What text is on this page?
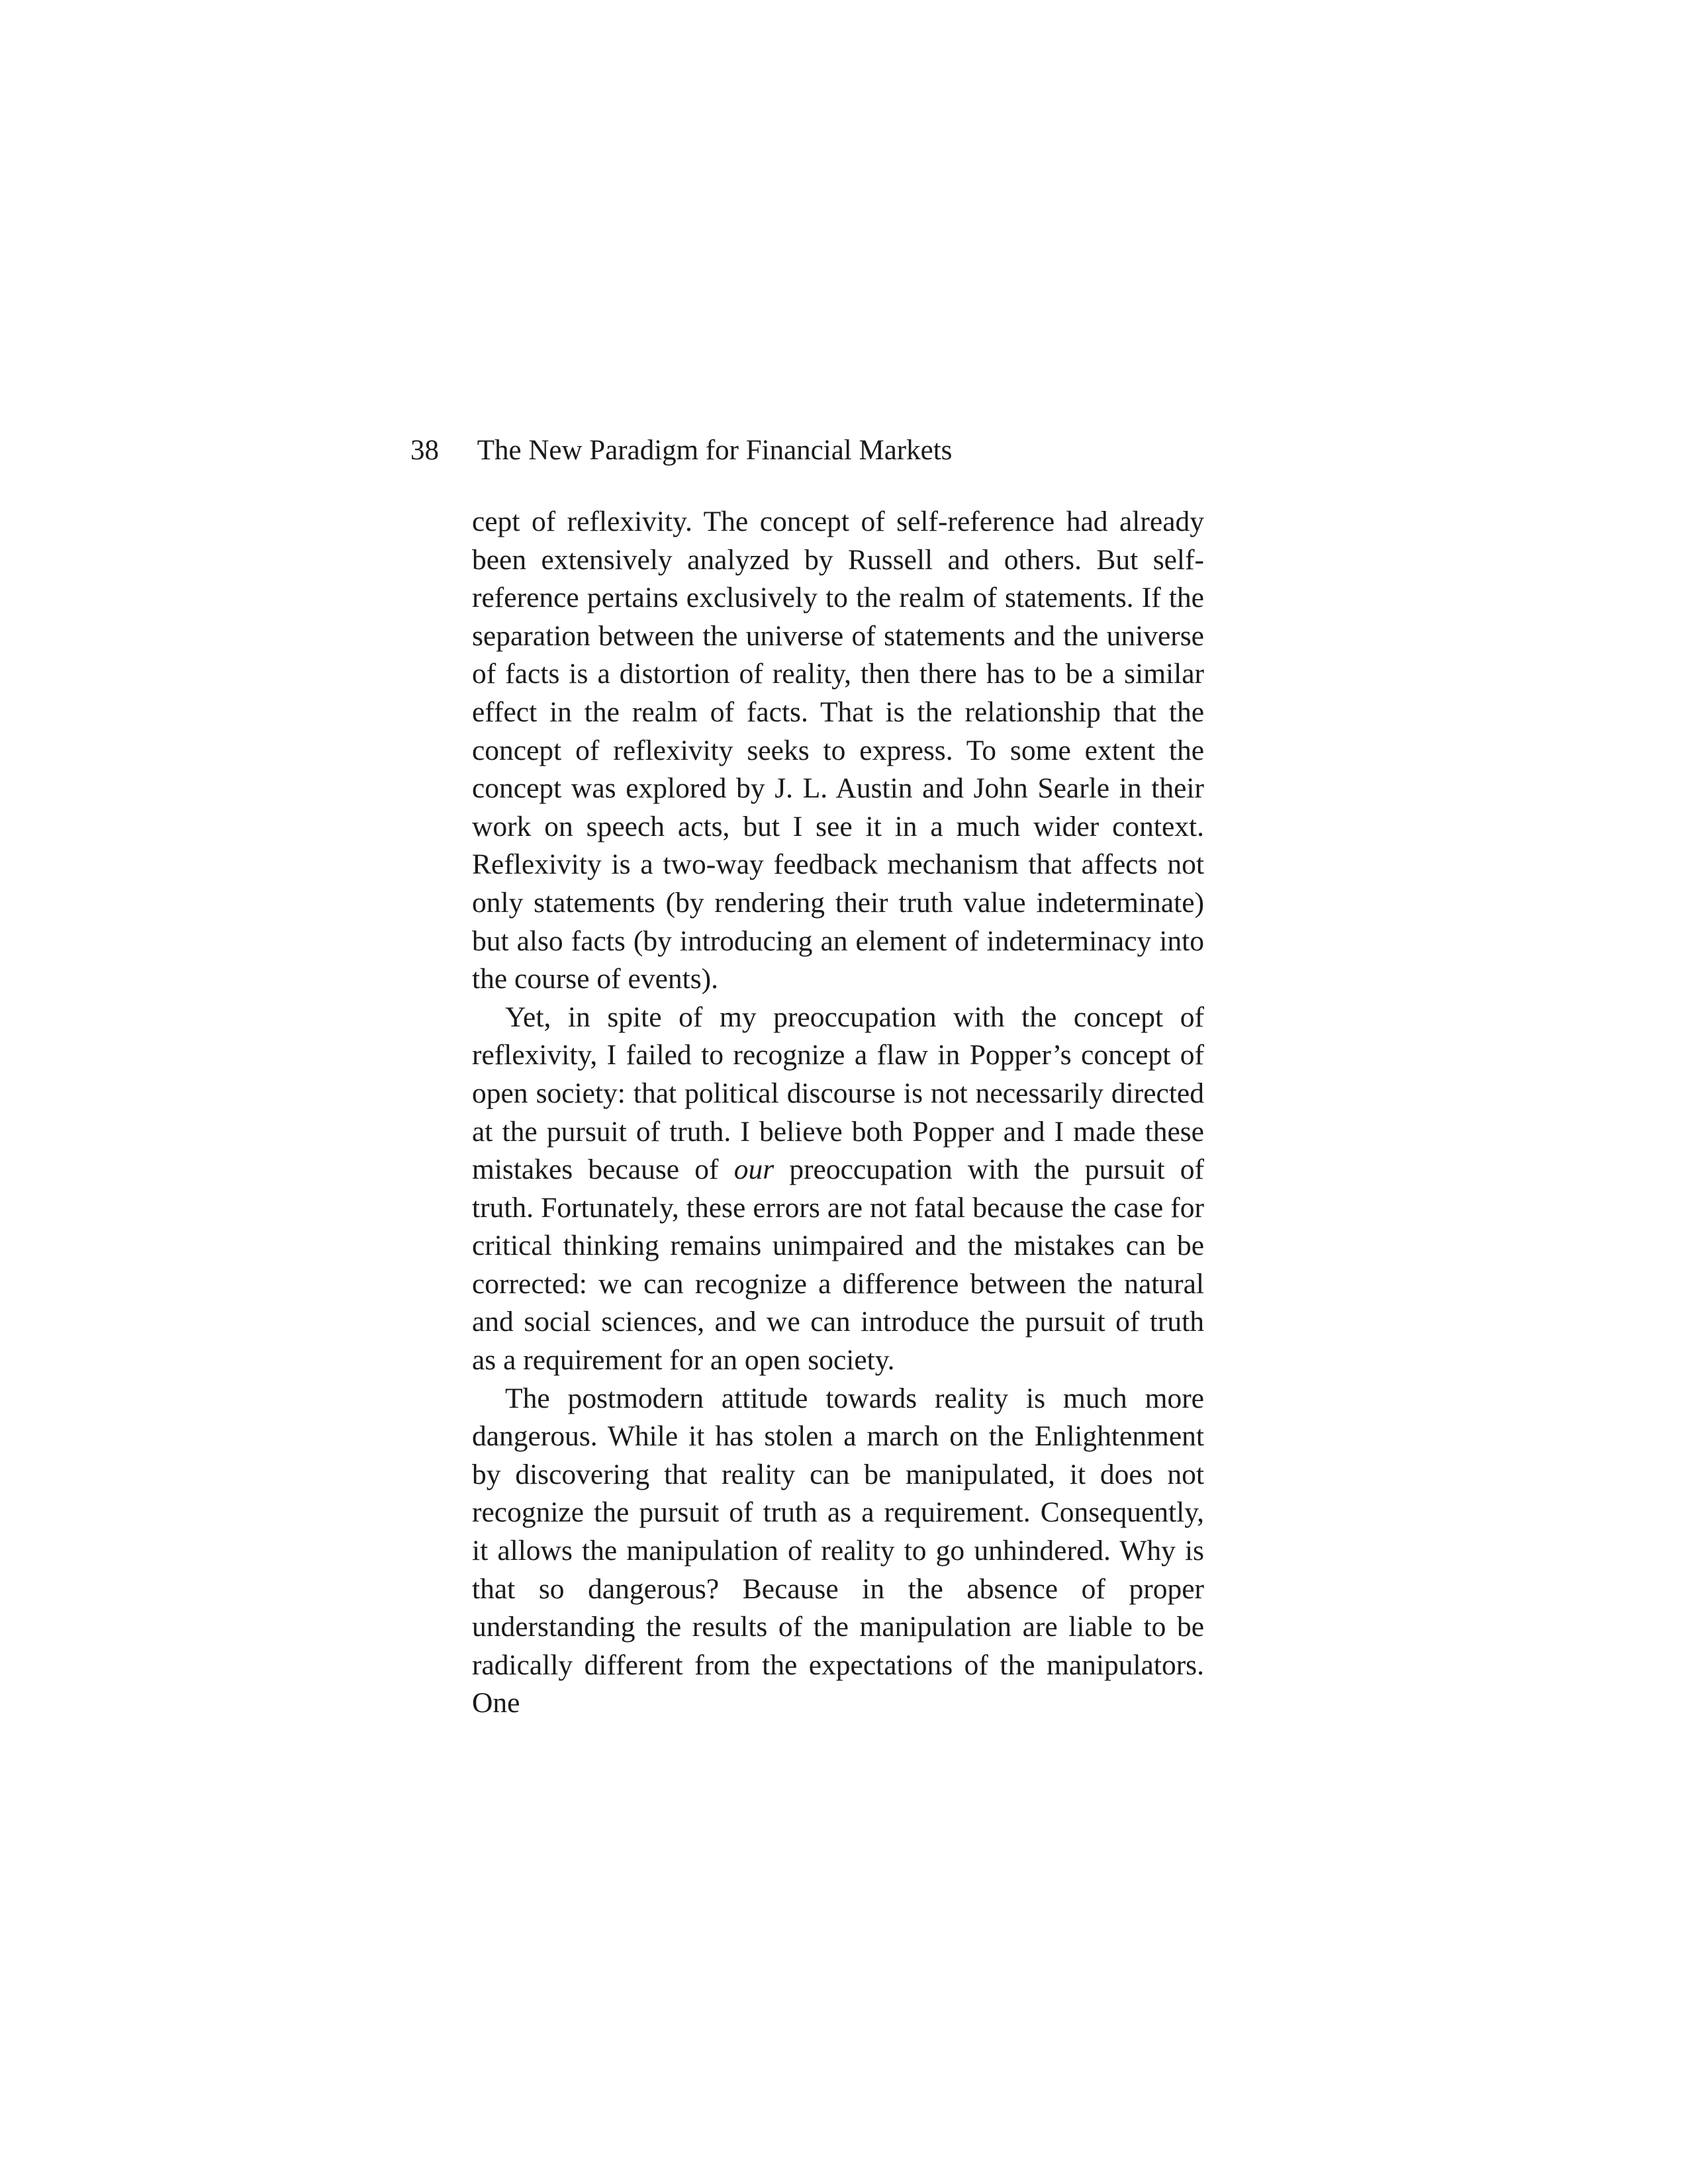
38 The New Paradigm for Financial Markets

cept of reflexivity. The concept of self-reference had already been extensively analyzed by Russell and others. But self-reference pertains exclusively to the realm of statements. If the separation between the universe of statements and the universe of facts is a distortion of reality, then there has to be a similar effect in the realm of facts. That is the relationship that the concept of reflexivity seeks to express. To some extent the concept was explored by J. L. Austin and John Searle in their work on speech acts, but I see it in a much wider context. Reflexivity is a two-way feedback mechanism that affects not only statements (by rendering their truth value indeterminate) but also facts (by introducing an element of indeterminacy into the course of events).

Yet, in spite of my preoccupation with the concept of reflexivity, I failed to recognize a flaw in Popper’s concept of open society: that political discourse is not necessarily directed at the pursuit of truth. I believe both Popper and I made these mistakes because of our preoccupation with the pursuit of truth. Fortunately, these errors are not fatal because the case for critical thinking remains unimpaired and the mistakes can be corrected: we can recognize a difference between the natural and social sciences, and we can introduce the pursuit of truth as a requirement for an open society.

The postmodern attitude towards reality is much more dangerous. While it has stolen a march on the Enlightenment by discovering that reality can be manipulated, it does not recognize the pursuit of truth as a requirement. Consequently, it allows the manipulation of reality to go unhindered. Why is that so dangerous? Because in the absence of proper understanding the results of the manipulation are liable to be radically different from the expectations of the manipulators. One
